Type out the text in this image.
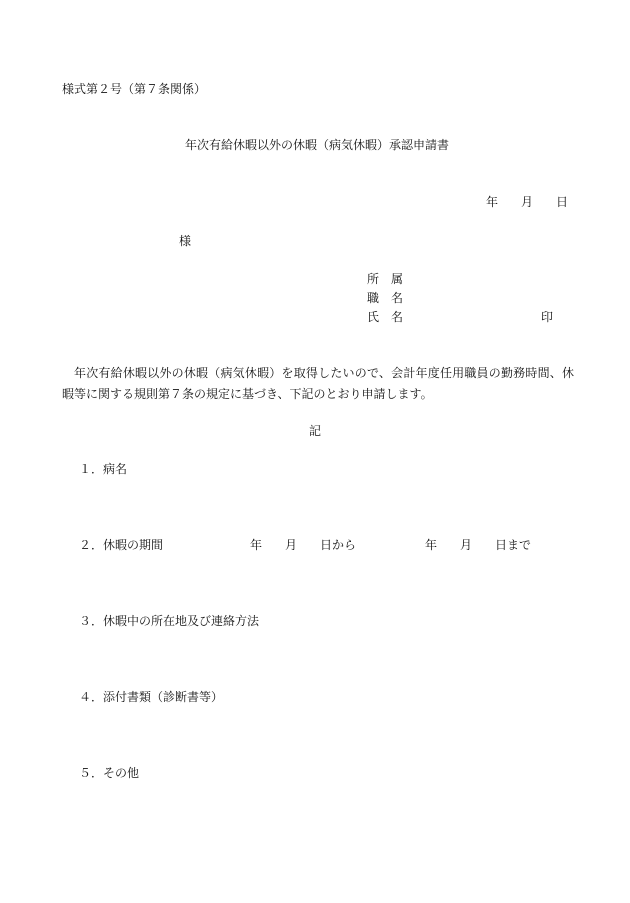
様式第２号（第７条関係）
年次有給休暇以外の休暇（病気休暇）承認申請書
年 月 日
様
所　属
職　名
氏　名	印
年次有給休暇以外の休暇（病気休暇）を取得したいので、会計年度任用職員の勤務時間、休暇等に関する規則第７条の規定に基づき、下記のとおり申請します。
記
１．病名
２．休暇の期間	年 月 日から	年 月 日まで
３．休暇中の所在地及び連絡方法
４．添付書類（診断書等）
５．その他
